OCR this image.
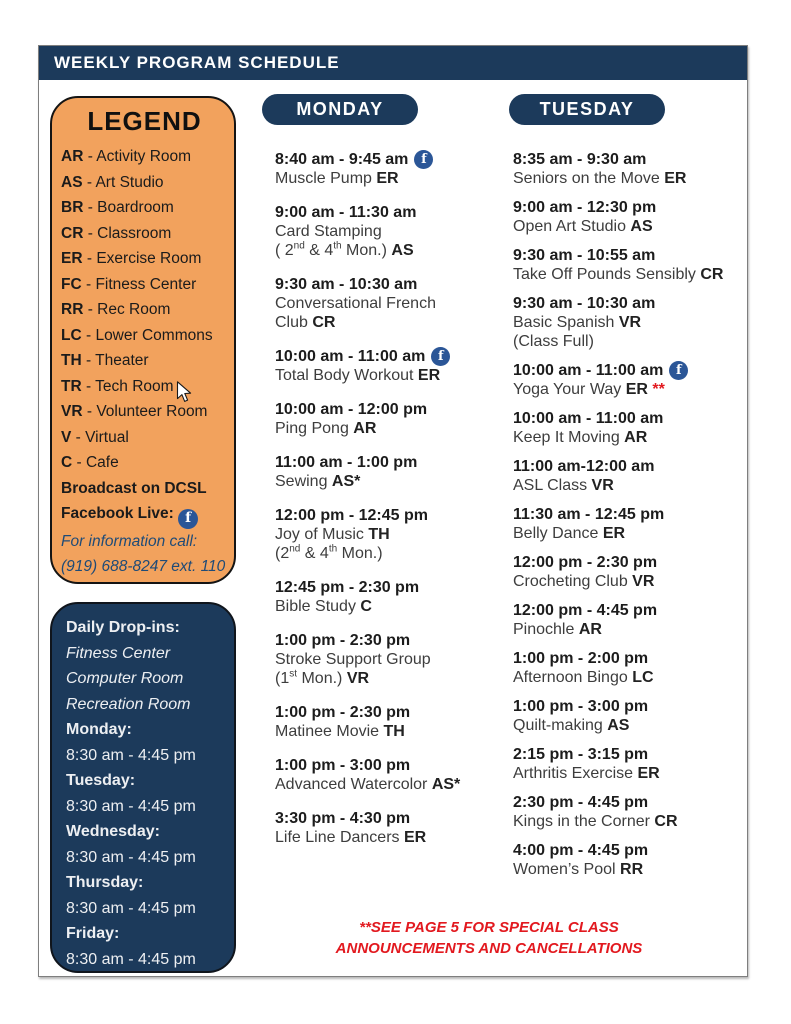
WEEKLY PROGRAM SCHEDULE
LEGEND
AR - Activity Room
AS - Art Studio
BR - Boardroom
CR - Classroom
ER - Exercise Room
FC - Fitness Center
RR - Rec Room
LC - Lower Commons
TH - Theater
TR - Tech Room
VR - Volunteer Room
V - Virtual
C - Cafe
Broadcast on DCSL
Facebook Live: f
For information call:
(919) 688-8247 ext. 110
Daily Drop-ins:
Fitness Center
Computer Room
Recreation Room
Monday:
8:30 am - 4:45 pm
Tuesday:
8:30 am - 4:45 pm
Wednesday:
8:30 am - 4:45 pm
Thursday:
8:30 am - 4:45 pm
Friday:
8:30 am - 4:45 pm
MONDAY
8:40 am - 9:45 am f
Muscle Pump ER
9:00 am - 11:30 am
Card Stamping
( 2nd & 4th Mon.) AS
9:30 am - 10:30 am
Conversational French
Club CR
10:00 am - 11:00 am f
Total Body Workout ER
10:00 am - 12:00 pm
Ping Pong AR
11:00 am - 1:00 pm
Sewing AS*
12:00 pm - 12:45 pm
Joy of Music TH
(2nd & 4th Mon.)
12:45 pm - 2:30 pm
Bible Study C
1:00 pm - 2:30 pm
Stroke Support Group
(1st Mon.) VR
1:00 pm - 2:30 pm
Matinee Movie TH
1:00 pm - 3:00 pm
Advanced Watercolor AS*
3:30 pm - 4:30 pm
Life Line Dancers ER
TUESDAY
8:35 am - 9:30 am
Seniors on the Move ER
9:00 am - 12:30 pm
Open Art Studio AS
9:30 am - 10:55 am
Take Off Pounds Sensibly CR
9:30 am - 10:30 am
Basic Spanish VR
(Class Full)
10:00 am - 11:00 am f
Yoga Your Way ER **
10:00 am - 11:00 am
Keep It Moving AR
11:00 am-12:00 am
ASL Class VR
11:30 am - 12:45 pm
Belly Dance ER
12:00 pm - 2:30 pm
Crocheting Club VR
12:00 pm - 4:45 pm
Pinochle AR
1:00 pm - 2:00 pm
Afternoon Bingo LC
1:00 pm - 3:00 pm
Quilt-making AS
2:15 pm - 3:15 pm
Arthritis Exercise ER
2:30 pm - 4:45 pm
Kings in the Corner CR
4:00 pm - 4:45 pm
Women’s Pool RR
**SEE PAGE 5 FOR SPECIAL CLASS
ANNOUNCEMENTS AND CANCELLATIONS
